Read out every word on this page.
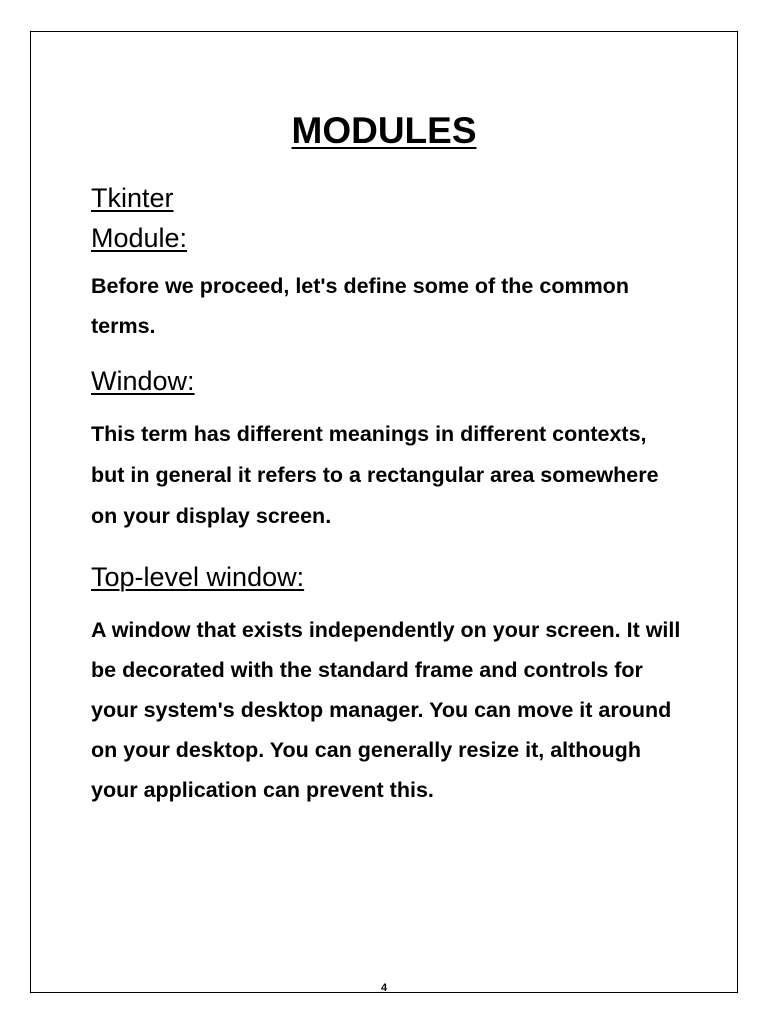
MODULES
Tkinter Module:

Before we proceed, let's define some of the common terms.

Window:

This term has different meanings in different contexts, but in general it refers to a rectangular area somewhere on your display screen.

Top-level window:

A window that exists independently on your screen. It will be decorated with the standard frame and controls for your system's desktop manager. You can move it around on your desktop. You can generally resize it, although your application can prevent this.

4
